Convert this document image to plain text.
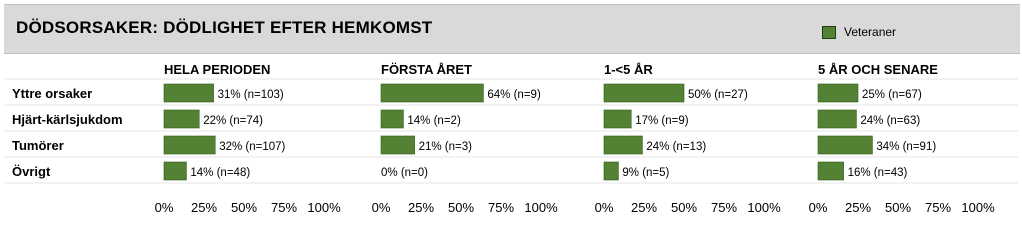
DÖDSORSAKER: DÖDLIGHET EFTER HEMKOMST	Veteraner
Yttre orsaker
Hjärt-kärlsjukdom
Tumörer
Övrigt
HELA PERIODEN
31% (n=103)
22% (n=74)
32% (n=107)
14% (n=48)
0% 25% 50% 75% 100%
FÖRSTA ÅRET
64% (n=9)
14% (n=2)
21% (n=3)
0% (n=0)
0% 25% 50% 75% 100%
1-<5 ÅR
50% (n=27)
17% (n=9)
24% (n=13)
9% (n=5)
0% 25% 50% 75% 100%
5 ÅR OCH SENARE
25% (n=67)
24% (n=63)
34% (n=91)
16% (n=43)
0% 25% 50% 75% 100%
